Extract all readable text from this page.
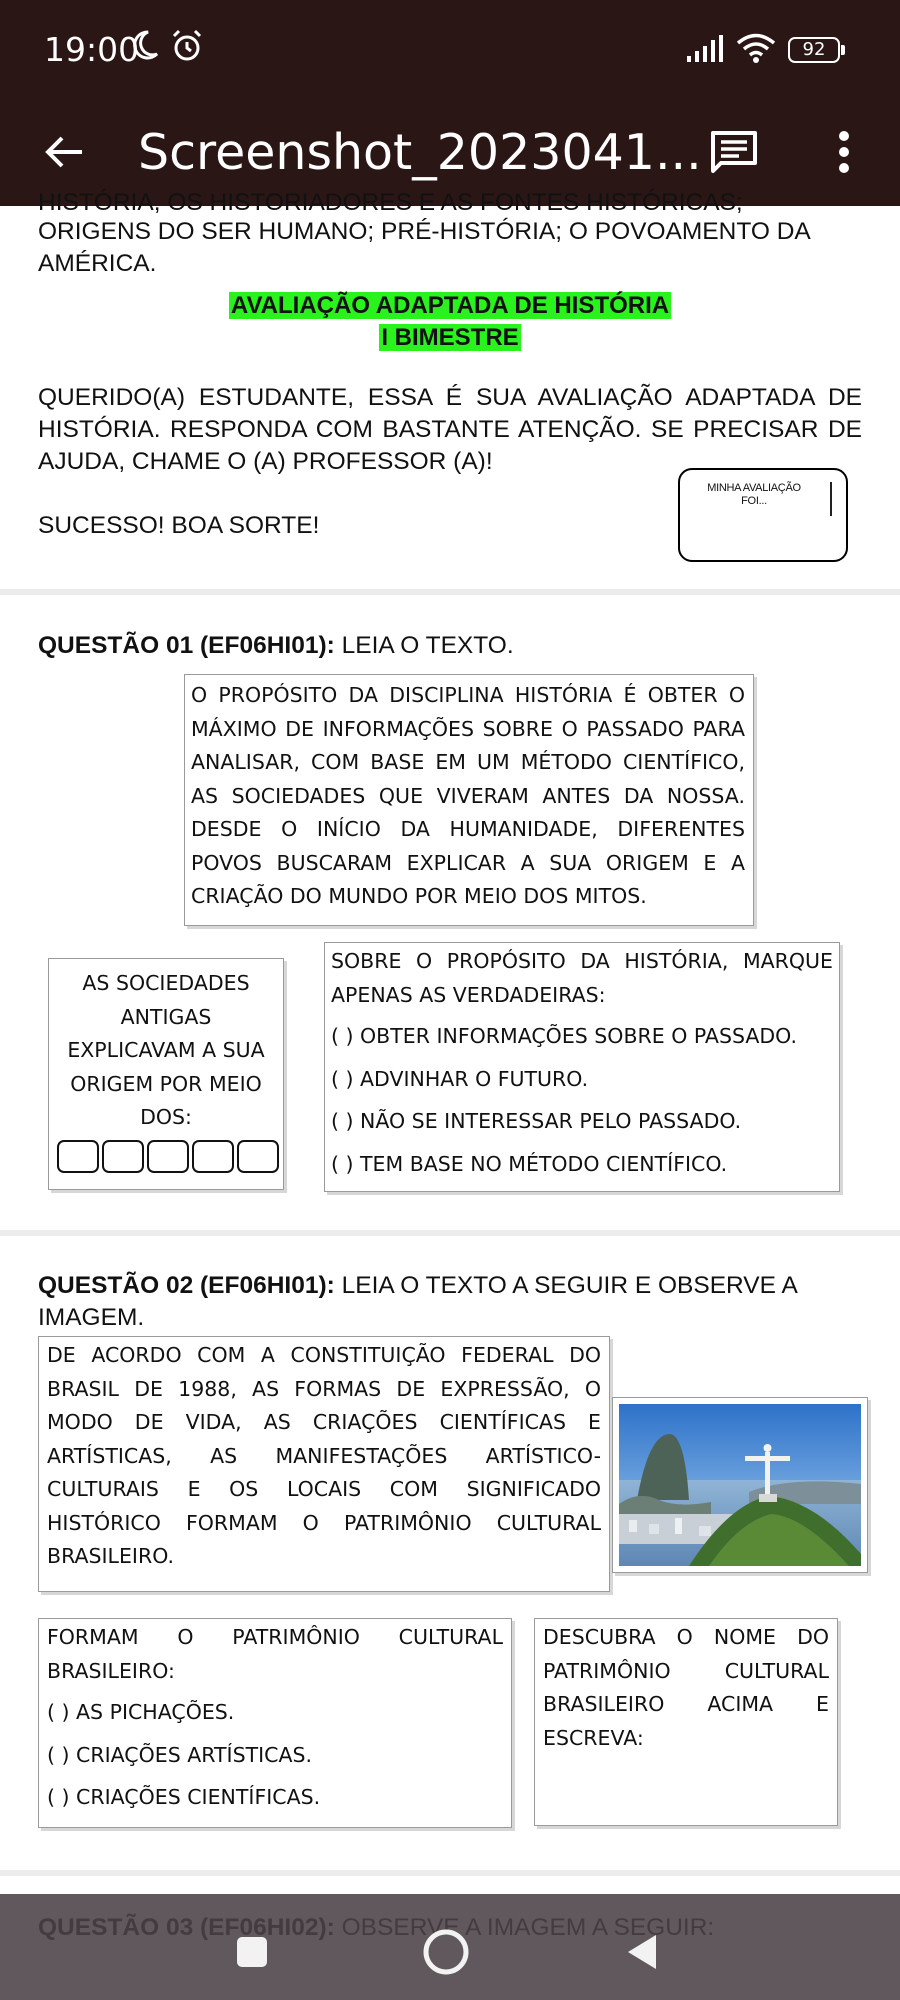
19:00	92
Screenshot_2023041...
HISTÓRIA, OS HISTORIADORES E AS FONTES HISTÓRICAS;
ORIGENS DO SER HUMANO; PRÉ-HISTÓRIA; O POVOAMENTO DA AMÉRICA.
AVALIAÇÃO ADAPTADA DE HISTÓRIA
I BIMESTRE
QUERIDO(A) ESTUDANTE, ESSA É SUA AVALIAÇÃO ADAPTADA DE HISTÓRIA. RESPONDA COM BASTANTE ATENÇÃO. SE PRECISAR DE AJUDA, CHAME O (A) PROFESSOR (A)!
SUCESSO! BOA SORTE!
MINHA AVALIAÇÃO FOI...
QUESTÃO 01 (EF06HI01): LEIA O TEXTO.
O PROPÓSITO DA DISCIPLINA HISTÓRIA É OBTER O MÁXIMO DE INFORMAÇÕES SOBRE O PASSADO PARA ANALISAR, COM BASE EM UM MÉTODO CIENTÍFICO, AS SOCIEDADES QUE VIVERAM ANTES DA NOSSA. DESDE O INÍCIO DA HUMANIDADE, DIFERENTES POVOS BUSCARAM EXPLICAR A SUA ORIGEM E A CRIAÇÃO DO MUNDO POR MEIO DOS MITOS.
AS SOCIEDADES ANTIGAS EXPLICAVAM A SUA ORIGEM POR MEIO DOS:
SOBRE O PROPÓSITO DA HISTÓRIA, MARQUE APENAS AS VERDADEIRAS:
( ) OBTER INFORMAÇÕES SOBRE O PASSADO.
( ) ADVINHAR O FUTURO.
( ) NÃO SE INTERESSAR PELO PASSADO.
( ) TEM BASE NO MÉTODO CIENTÍFICO.
QUESTÃO 02 (EF06HI01): LEIA O TEXTO A SEGUIR E OBSERVE A IMAGEM.
DE ACORDO COM A CONSTITUIÇÃO FEDERAL DO BRASIL DE 1988, AS FORMAS DE EXPRESSÃO, O MODO DE VIDA, AS CRIAÇÕES CIENTÍFICAS E ARTÍSTICAS, AS MANIFESTAÇÕES ARTÍSTICO-CULTURAIS E OS LOCAIS COM SIGNIFICADO HISTÓRICO FORMAM O PATRIMÔNIO CULTURAL BRASILEIRO.
FORMAM O PATRIMÔNIO CULTURAL BRASILEIRO:
( ) AS PICHAÇÕES.
( ) CRIAÇÕES ARTÍSTICAS.
( ) CRIAÇÕES CIENTÍFICAS.
DESCUBRA O NOME DO PATRIMÔNIO CULTURAL BRASILEIRO ACIMA E ESCREVA:
